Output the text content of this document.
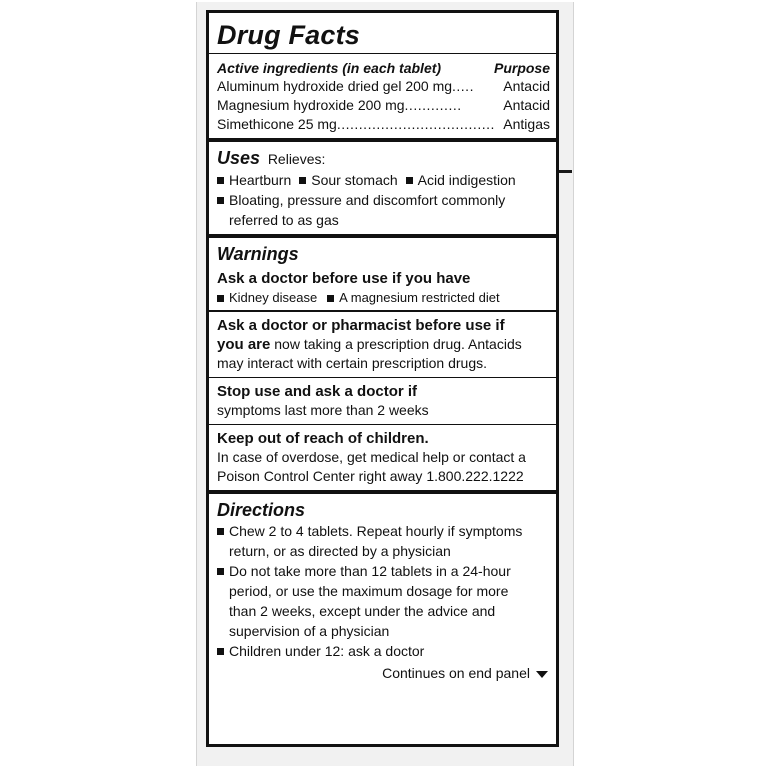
Drug Facts
Active ingredients (in each tablet)	Purpose
Aluminum hydroxide dried gel 200 mg .....	Antacid
Magnesium hydroxide 200 mg .............	Antacid
Simethicone 25 mg .................................... Antigas
Uses Relieves:
Heartburn	Sour stomach	Acid indigestion
Bloating, pressure and discomfort commonly referred to as gas
Warnings
Ask a doctor before use if you have
Kidney disease	A magnesium restricted diet
Ask a doctor or pharmacist before use if
you are now taking a prescription drug. Antacids
may interact with certain prescription drugs.
Stop use and ask a doctor if
symptoms last more than 2 weeks
Keep out of reach of children.
In case of overdose, get medical help or contact a
Poison Control Center right away 1.800.222.1222
Directions
Chew 2 to 4 tablets. Repeat hourly if symptoms
return, or as directed by a physician
Do not take more than 12 tablets in a 24-hour
period, or use the maximum dosage for more
than 2 weeks, except under the advice and
supervision of a physician
Children under 12: ask a doctor
Continues on end panel
